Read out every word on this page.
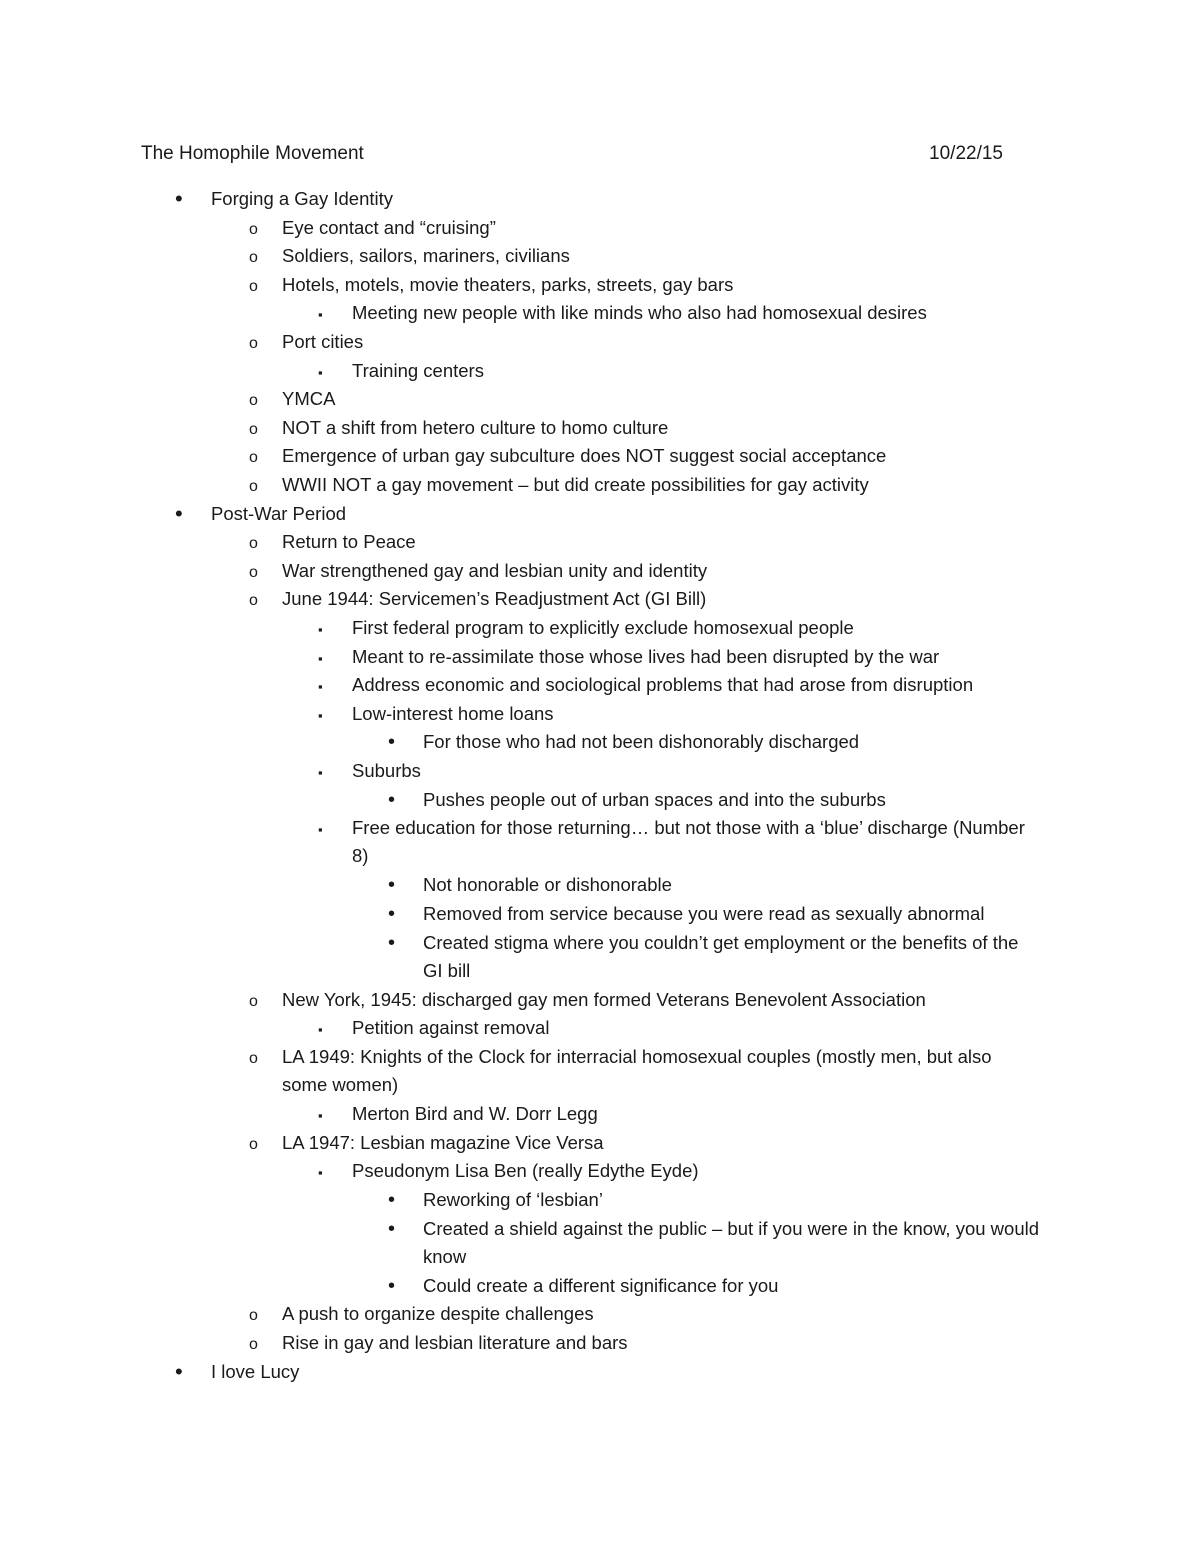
The Homophile Movement	10/22/15
•
Forging a Gay Identity
o
Eye contact and “cruising”
o
Soldiers, sailors, mariners, civilians
o
Hotels, motels, movie theaters, parks, streets, gay bars
▪
Meeting new people with like minds who also had homosexual desires
o
Port cities
▪
Training centers
o
YMCA
o
NOT a shift from hetero culture to homo culture
o
Emergence of urban gay subculture does NOT suggest social acceptance
o
WWII NOT a gay movement – but did create possibilities for gay activity
•
Post-War Period
o
Return to Peace
o
War strengthened gay and lesbian unity and identity
o
June 1944: Servicemen’s Readjustment Act (GI Bill)
▪
First federal program to explicitly exclude homosexual people
▪
Meant to re-assimilate those whose lives had been disrupted by the war
▪
Address economic and sociological problems that had arose from disruption
▪
Low-interest home loans
•
For those who had not been dishonorably discharged
▪
Suburbs
•
Pushes people out of urban spaces and into the suburbs
▪
Free education for those returning… but not those with a ‘blue’ discharge (Number 8)
•
Not honorable or dishonorable
•
Removed from service because you were read as sexually abnormal
•
Created stigma where you couldn’t get employment or the benefits of the GI bill
o
New York, 1945: discharged gay men formed Veterans Benevolent Association
▪
Petition against removal
o
LA 1949: Knights of the Clock for interracial homosexual couples (mostly men, but also some women)
▪
Merton Bird and W. Dorr Legg
o
LA 1947: Lesbian magazine Vice Versa
▪
Pseudonym Lisa Ben (really Edythe Eyde)
•
Reworking of ‘lesbian’
•
Created a shield against the public – but if you were in the know, you would know
•
Could create a different significance for you
o
A push to organize despite challenges
o
Rise in gay and lesbian literature and bars
•
I love Lucy
